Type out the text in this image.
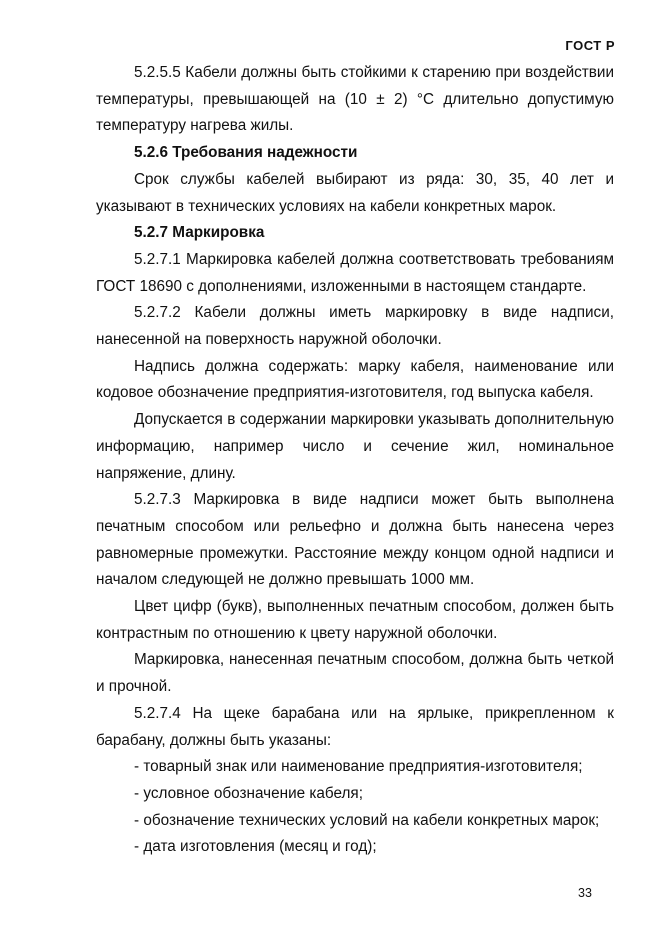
ГОСТ Р

5.2.5.5 Кабели должны быть стойкими к старению при воздействии температуры, превышающей на (10 ± 2) °C длительно допустимую температуру нагрева жилы.

5.2.6 Требования надежности

Срок службы кабелей выбирают из ряда: 30, 35, 40 лет и указывают в технических условиях на кабели конкретных марок.

5.2.7 Маркировка

5.2.7.1 Маркировка кабелей должна соответствовать требованиям ГОСТ 18690 с дополнениями, изложенными в настоящем стандарте.

5.2.7.2 Кабели должны иметь маркировку в виде надписи, нанесенной на поверхность наружной оболочки.

Надпись должна содержать: марку кабеля, наименование или кодовое обозначение предприятия-изготовителя, год выпуска кабеля.

Допускается в содержании маркировки указывать дополнительную информацию, например число и сечение жил, номинальное напряжение, длину.

5.2.7.3 Маркировка в виде надписи может быть выполнена печатным способом или рельефно и должна быть нанесена через равномерные промежутки. Расстояние между концом одной надписи и началом следующей не должно превышать 1000 мм.

Цвет цифр (букв), выполненных печатным способом, должен быть контрастным по отношению к цвету наружной оболочки.

Маркировка, нанесенная печатным способом, должна быть четкой и прочной.

5.2.7.4 На щеке барабана или на ярлыке, прикрепленном к барабану, должны быть указаны:

- товарный знак или наименование предприятия-изготовителя;

- условное обозначение кабеля;

- обозначение технических условий на кабели конкретных марок;

- дата изготовления (месяц и год);

33
